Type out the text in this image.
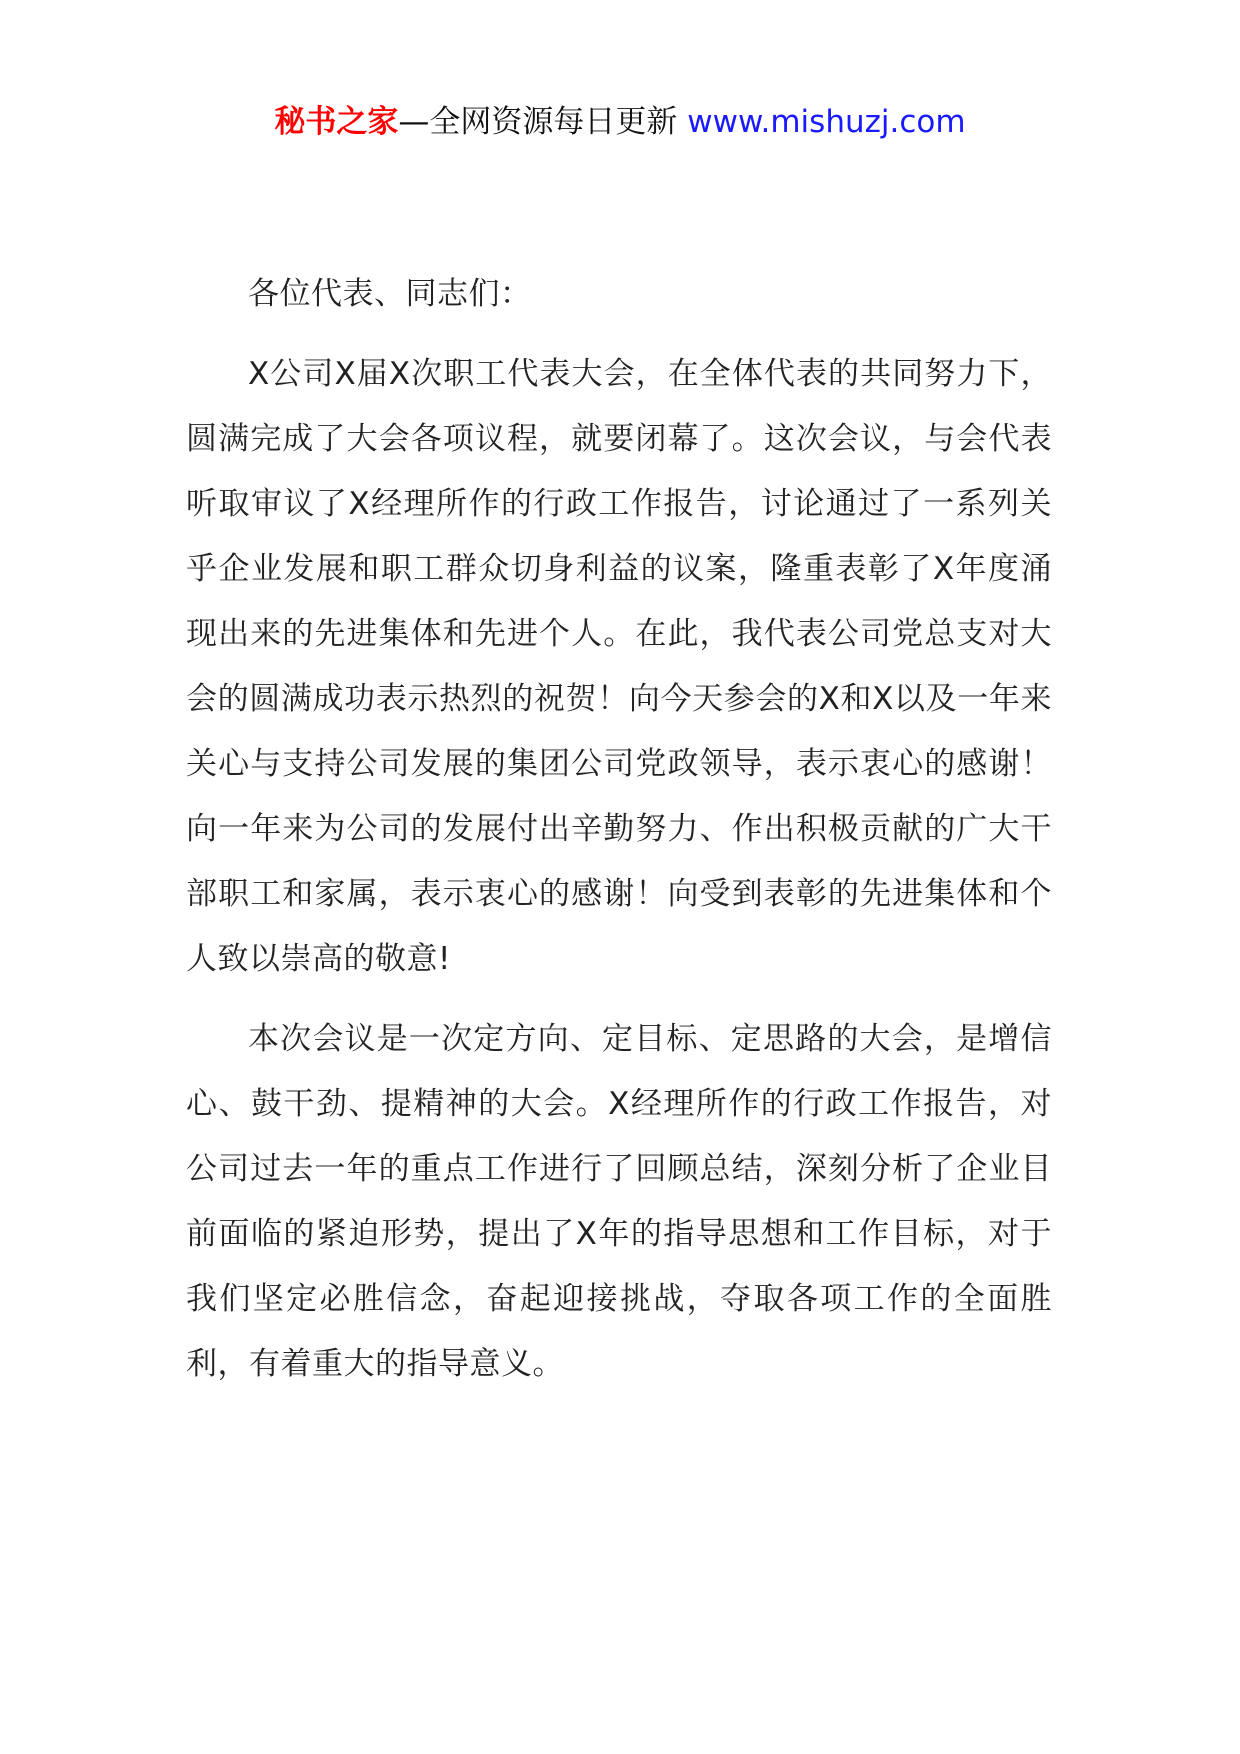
秘书之家—全网资源每日更新 www.mishuzj.com

各位代表、同志们：

X公司X届X次职工代表大会，在全体代表的共同努力下，圆满完成了大会各项议程，就要闭幕了。这次会议，与会代表听取审议了X经理所作的行政工作报告，讨论通过了一系列关乎企业发展和职工群众切身利益的议案，隆重表彰了X年度涌现出来的先进集体和先进个人。在此，我代表公司党总支对大会的圆满成功表示热烈的祝贺！向今天参会的X和X以及一年来关心与支持公司发展的集团公司党政领导，表示衷心的感谢！向一年来为公司的发展付出辛勤努力、作出积极贡献的广大干部职工和家属，表示衷心的感谢！向受到表彰的先进集体和个人致以崇高的敬意!

本次会议是一次定方向、定目标、定思路的大会，是增信心、鼓干劲、提精神的大会。X经理所作的行政工作报告，对公司过去一年的重点工作进行了回顾总结，深刻分析了企业目前面临的紧迫形势，提出了X年的指导思想和工作目标，对于我们坚定必胜信念，奋起迎接挑战，夺取各项工作的全面胜利，有着重大的指导意义。
